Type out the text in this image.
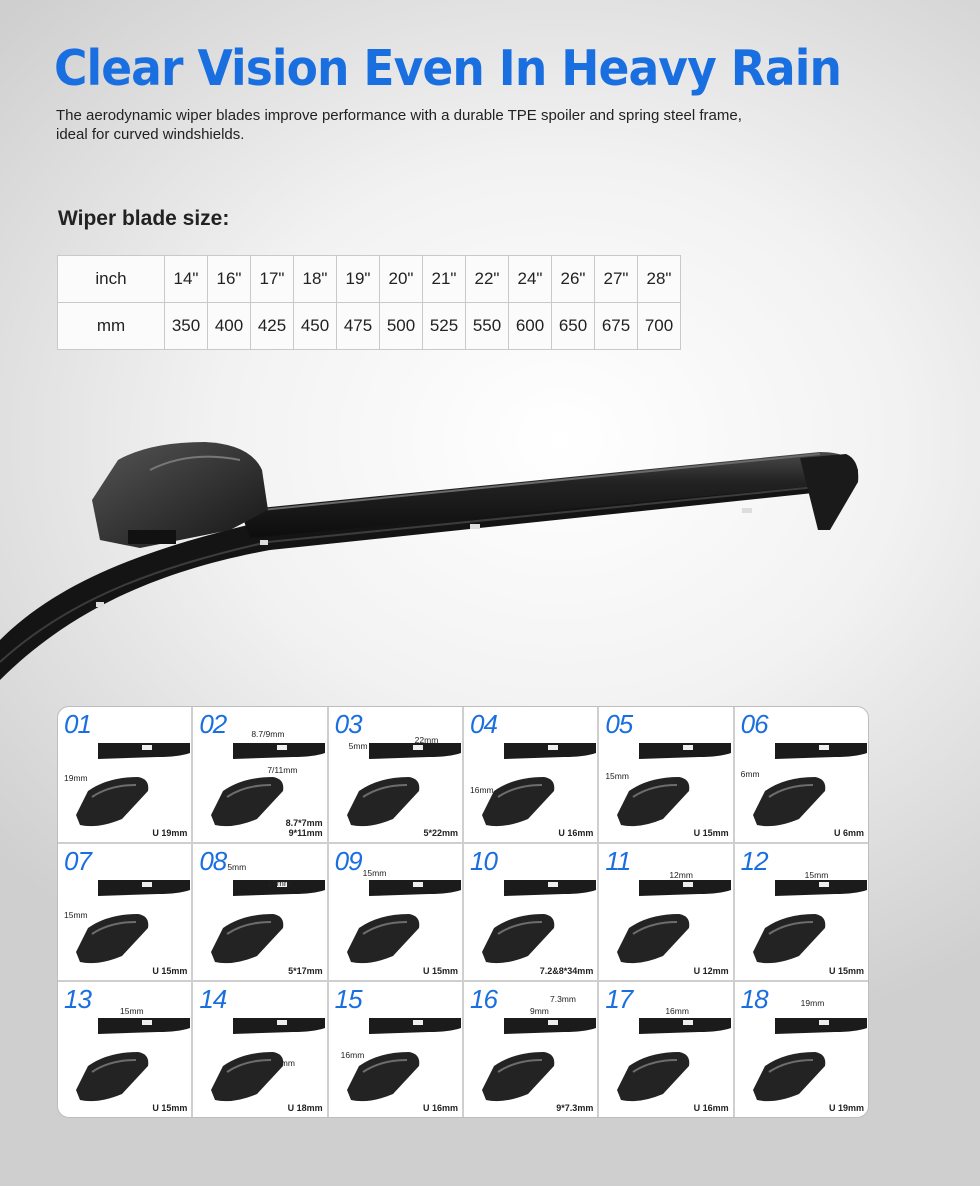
Clear Vision Even In Heavy Rain

The aerodynamic wiper blades improve performance with a durable TPE spoiler and spring steel frame, ideal for curved windshields.

Wiper blade size:
inch	14"	16"	17"	18"	19"	20"	21"	22"	24"	26"	27"	28"
mm	350	400	425	450	475	500	525	550	600	650	675	700
01
19mm
U 19mm
02	8.7/9mm
7/11mm
8.7*7mm
9*11mm
03
5mm
22mm
5*22mm
04
16mm
U 16mm
05
15mm
U 15mm
06
6mm
U 6mm
07
15mm
U 15mm
08 5mm
17mm
5*17mm
09 15mm
U 15mm
10
7.2&8*34mm
11	12mm
U 12mm
12	15mm
U 15mm
13	15mm
U 15mm
14
18mm
U 18mm
15
16mm
U 16mm
16	7.3mm
9mm
9*7.3mm
17	16mm
U 16mm
18	19mm
U 19mm
